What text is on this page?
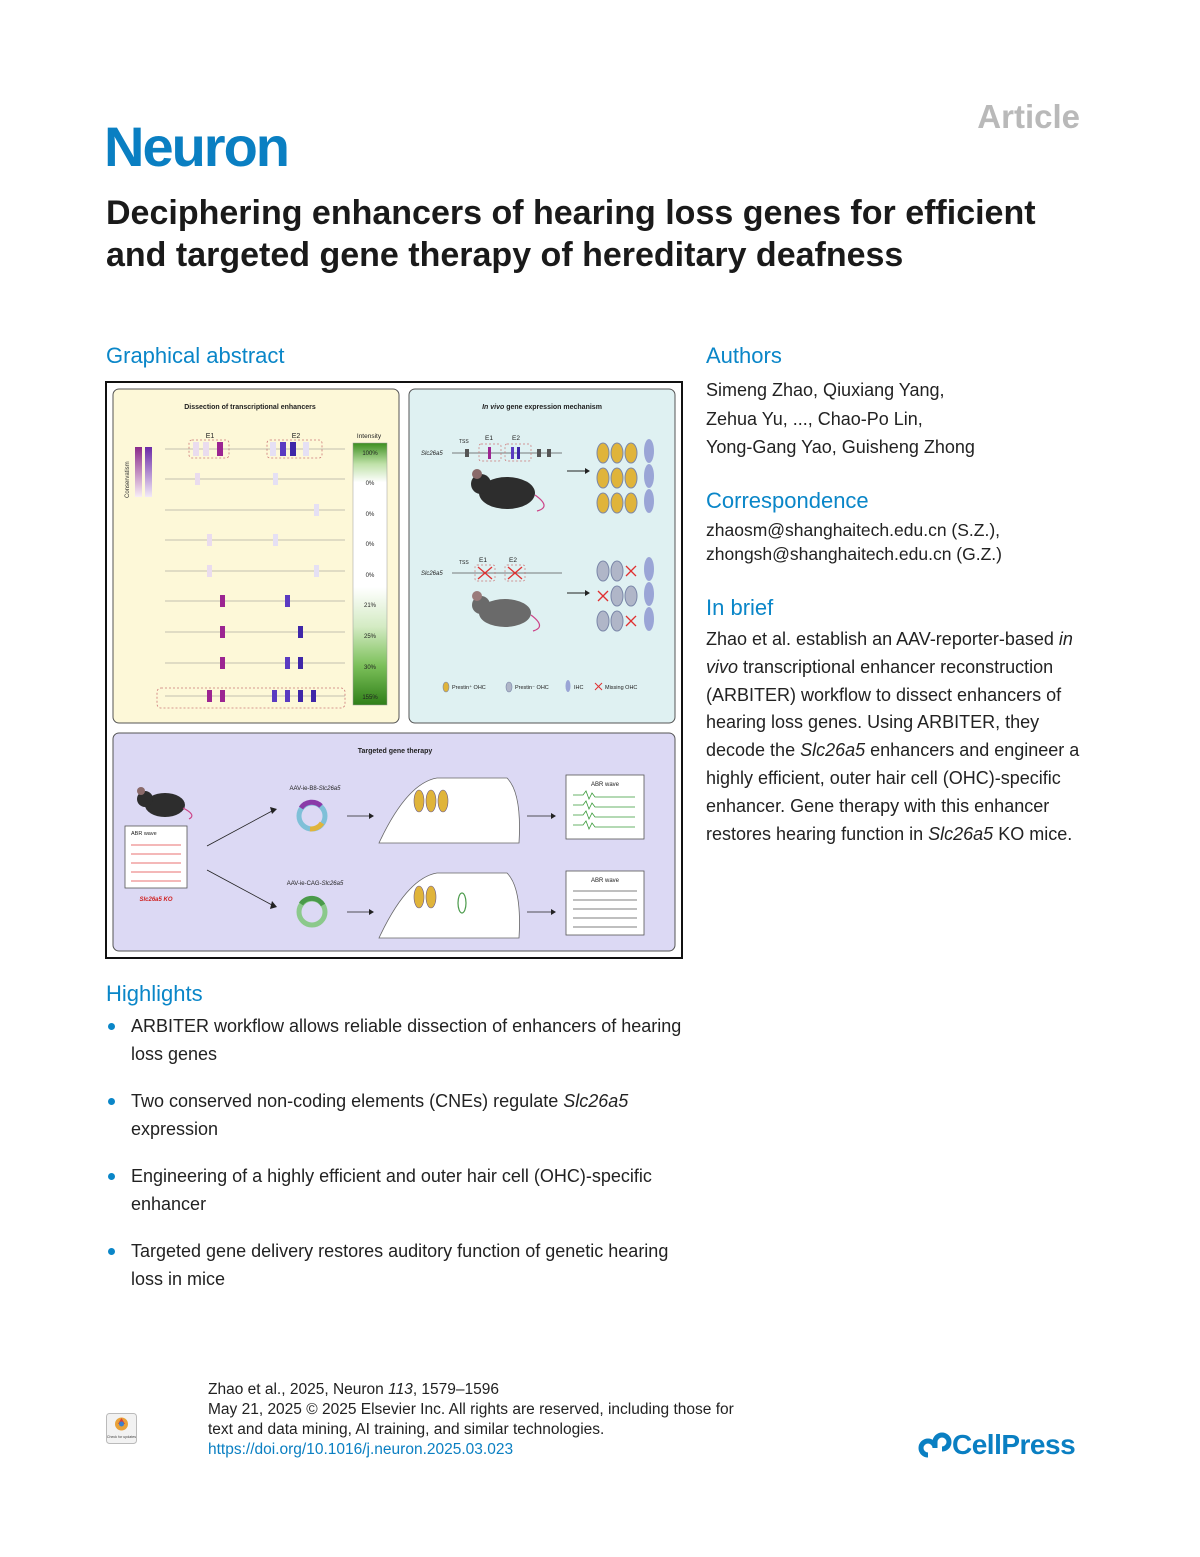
Neuron	Article
Deciphering enhancers of hearing loss genes for efficient and targeted gene therapy of hereditary deafness
Graphical abstract
Dissection of transcriptional enhancers
Conservatism
E1	E2	Intensity
100%
0%
0%
0%
0%
21%
25%
30%
155%
In vivo gene expression mechanism
Slc26a5
TSS	E1	E2
Slc26a5
TSS E1	E2
Prestin⁺ OHC	Prestin⁻ OHC	IHC	Missing OHC
Targeted gene therapy
ABR wave
Slc26a5 KO
AAV-ie-B8-Slc26a5
AAV-ie-CAG-Slc26a5
ABR wave
ABR wave
Authors
Simeng Zhao, Qiuxiang Yang,
Zehua Yu, ..., Chao-Po Lin,
Yong-Gang Yao, Guisheng Zhong
Correspondence
zhaosm@shanghaitech.edu.cn (S.Z.),
zhongsh@shanghaitech.edu.cn (G.Z.)
In brief
Zhao et al. establish an AAV-reporter-based in vivo transcriptional enhancer reconstruction (ARBITER) workflow to dissect enhancers of hearing loss genes. Using ARBITER, they decode the Slc26a5 enhancers and engineer a highly efficient, outer hair cell (OHC)-specific enhancer. Gene therapy with this enhancer restores hearing function in Slc26a5 KO mice.
Highlights
ARBITER workflow allows reliable dissection of enhancers of hearing loss genes
Two conserved non-coding elements (CNEs) regulate Slc26a5 expression
Engineering of a highly efficient and outer hair cell (OHC)-specific enhancer
Targeted gene delivery restores auditory function of genetic hearing loss in mice
Check for updates
Zhao et al., 2025, Neuron 113, 1579–1596
May 21, 2025 © 2025 Elsevier Inc. All rights are reserved, including those for
text and data mining, AI training, and similar technologies.
https://doi.org/10.1016/j.neuron.2025.03.023	CellPress
